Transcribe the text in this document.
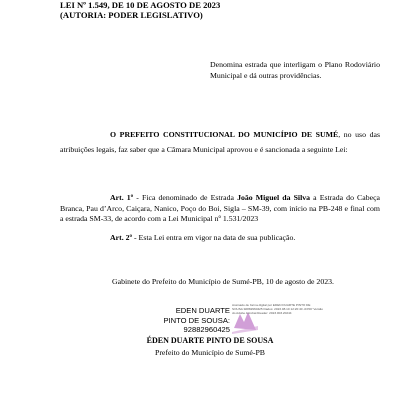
LEI Nº 1.549, DE 10 DE AGOSTO DE 2023
(AUTORIA: PODER LEGISLATIVO)
Denomina estrada que interligam o Plano Rodoviário Municipal e dá outras providências.
O PREFEITO CONSTITUCIONAL DO MUNICÍPIO DE SUMÉ, no uso das atribuições legais, faz saber que a Câmara Municipal aprovou e é sancionada a seguinte Lei:
Art. 1º - Fica denominado de Estrada João Miguel da Silva a Estrada do Cabeça Branca, Pau d’Arco, Caiçara, Nanico, Poço do Boi, Sigla – SM-39, com início na PB-248 e final com a estrada SM-33, de acordo com a Lei Municipal nº 1.531/2023
Art. 2º - Esta Lei entra em vigor na data de sua publicação.
Gabinete do Prefeito do Município de Sumé-PB, 10 de agosto de 2023.
EDEN DUARTE
PINTO DE SOUSA:
92882960425
Assinado de forma digital por EDEN DUARTE PINTO DE SOUSA:92882960425 Dados: 2023.08.10 12:20:40 -03'00' Versão do Adobe Acrobat Reader: 2023.003.20244
ÉDEN DUARTE PINTO DE SOUSA
Prefeito do Município de Sumé-PB
